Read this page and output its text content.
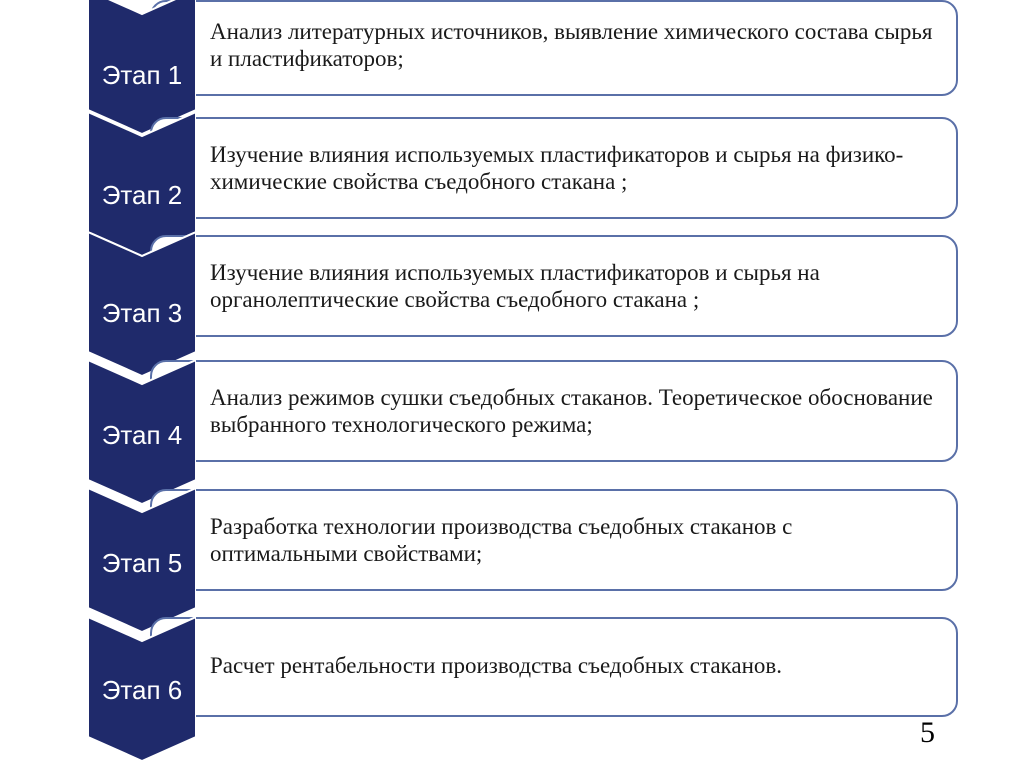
• Анализ литературных источников, выявление химического состава сырья и пластификаторов;
Этап 1
• Изучение влияния используемых пластификаторов и сырья на физико-химические свойства съедобного стакана ;
Этап 2
• Изучение влияния используемых пластификаторов и сырья на органолептические свойства съедобного стакана ;
Этап 3
• Анализ режимов сушки съедобных стаканов. Теоретическое обоснование выбранного технологического режима;
Этап 4
• Разработка технологии производства съедобных стаканов с оптимальными свойствами;
Этап 5
• Расчет рентабельности производства съедобных стаканов.
Этап 6
5
